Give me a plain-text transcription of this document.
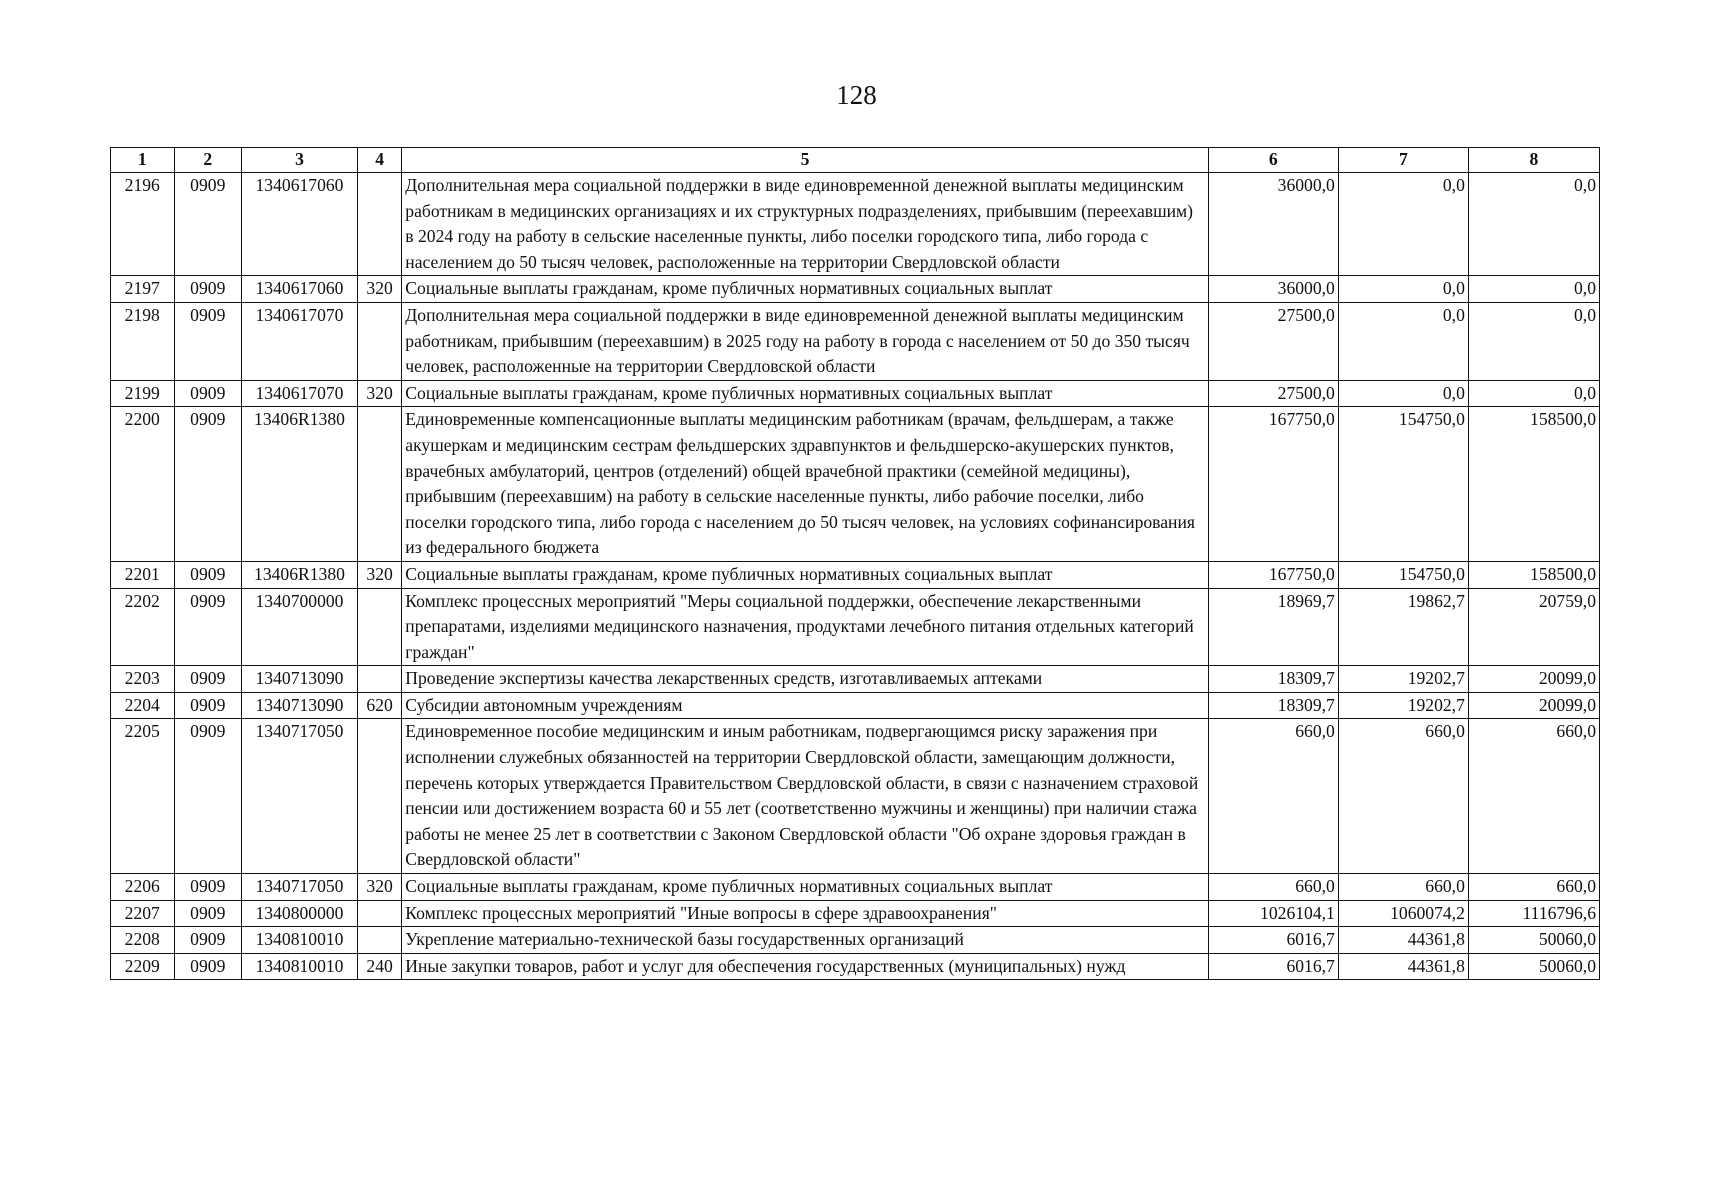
128
1	2	3	4	5	6	7	8
2196	0909	1340617060		Дополнительная мера социальной поддержки в виде единовременной денежной выплаты медицинским работникам в медицинских организациях и их структурных подразделениях, прибывшим (переехавшим) в 2024 году на работу в сельские населенные пункты, либо поселки городского типа, либо города с населением до 50 тысяч человек, расположенные на территории Свердловской области	36000,0	0,0	0,0
2197	0909	1340617060	320	Социальные выплаты гражданам, кроме публичных нормативных социальных выплат	36000,0	0,0	0,0
2198	0909	1340617070		Дополнительная мера социальной поддержки в виде единовременной денежной выплаты медицинским работникам, прибывшим (переехавшим) в 2025 году на работу в города с населением от 50 до 350 тысяч человек, расположенные на территории Свердловской области	27500,0	0,0	0,0
2199	0909	1340617070	320	Социальные выплаты гражданам, кроме публичных нормативных социальных выплат	27500,0	0,0	0,0
2200	0909	13406R1380		Единовременные компенсационные выплаты медицинским работникам (врачам, фельдшерам, а также акушеркам и медицинским сестрам фельдшерских здравпунктов и фельдшерско-акушерских пунктов, врачебных амбулаторий, центров (отделений) общей врачебной практики (семейной медицины), прибывшим (переехавшим) на работу в сельские населенные пункты, либо рабочие поселки, либо поселки городского типа, либо города с населением до 50 тысяч человек, на условиях софинансирования из федерального бюджета	167750,0	154750,0	158500,0
2201	0909	13406R1380	320	Социальные выплаты гражданам, кроме публичных нормативных социальных выплат	167750,0	154750,0	158500,0
2202	0909	1340700000		Комплекс процессных мероприятий "Меры социальной поддержки, обеспечение лекарственными препаратами, изделиями медицинского назначения, продуктами лечебного питания отдельных категорий граждан"	18969,7	19862,7	20759,0
2203	0909	1340713090		Проведение экспертизы качества лекарственных средств, изготавливаемых аптеками	18309,7	19202,7	20099,0
2204	0909	1340713090	620	Субсидии автономным учреждениям	18309,7	19202,7	20099,0
2205	0909	1340717050		Единовременное пособие медицинским и иным работникам, подвергающимся риску заражения при исполнении служебных обязанностей на территории Свердловской области, замещающим должности, перечень которых утверждается Правительством Свердловской области, в связи с назначением страховой пенсии или достижением возраста 60 и 55 лет (соответственно мужчины и женщины) при наличии стажа работы не менее 25 лет в соответствии с Законом Свердловской области "Об охране здоровья граждан в Свердловской области"	660,0	660,0	660,0
2206	0909	1340717050	320	Социальные выплаты гражданам, кроме публичных нормативных социальных выплат	660,0	660,0	660,0
2207	0909	1340800000		Комплекс процессных мероприятий "Иные вопросы в сфере здравоохранения"	1026104,1	1060074,2	1116796,6
2208	0909	1340810010		Укрепление материально-технической базы государственных организаций	6016,7	44361,8	50060,0
2209	0909	1340810010	240	Иные закупки товаров, работ и услуг для обеспечения государственных (муниципальных) нужд	6016,7	44361,8	50060,0
